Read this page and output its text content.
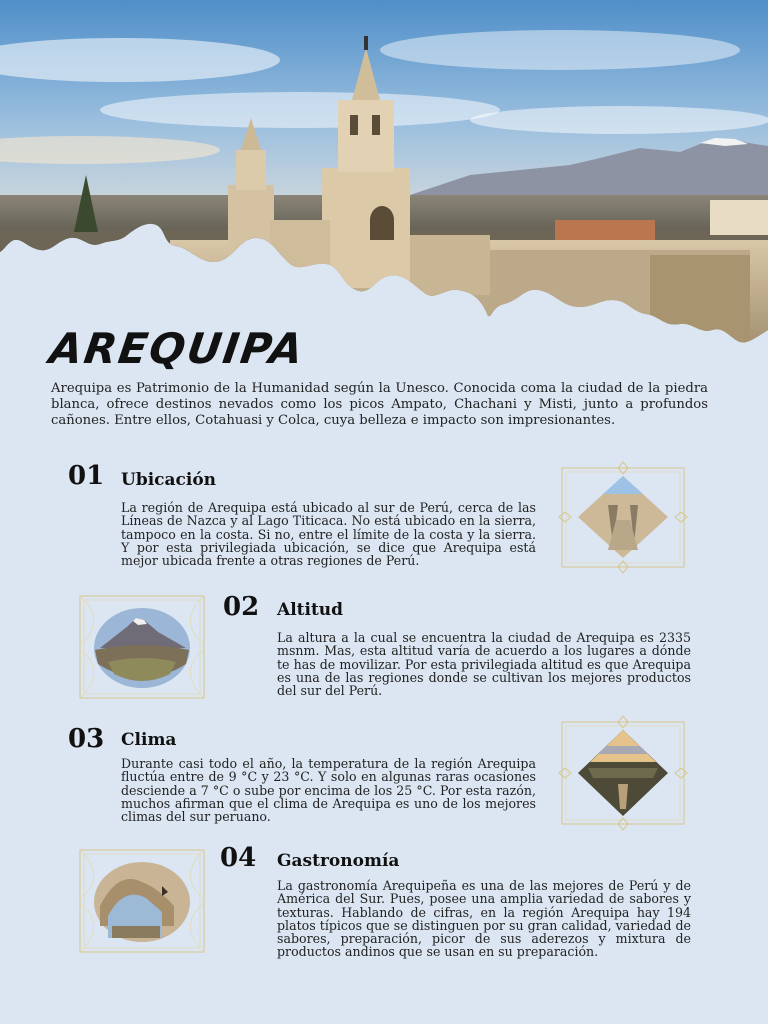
AREQUIPA
Arequipa es Patrimonio de la Humanidad según la Unesco. Conocida coma la ciudad de la piedra blanca, ofrece destinos nevados como los picos Ampato, Chachani y Misti, junto a profundos cañones. Entre ellos, Cotahuasi y Colca, cuya belleza e impacto son impresionantes.
01 Ubicación
La región de Arequipa está ubicado al sur de Perú, cerca de las Líneas de Nazca y al Lago Titicaca. No está ubicado en la sierra, tampoco en la costa. Si no, entre el límite de la costa y la sierra. Y por esta privilegiada ubicación, se dice que Arequipa está mejor ubicada frente a otras regiones de Perú.
02 Altitud
La altura a la cual se encuentra la ciudad de Arequipa es 2335 msnm. Mas, esta altitud varía de acuerdo a los lugares a dónde te has de movilizar. Por esta privilegiada altitud es que Arequipa es una de las regiones donde se cultivan los mejores productos del sur del Perú.
03 Clima
Durante casi todo el año, la temperatura de la región Arequipa fluctúa entre de 9 °C y 23 °C. Y solo en algunas raras ocasiones desciende a 7 °C o sube por encima de los 25 °C. Por esta razón, muchos afirman que el clima de Arequipa es uno de los mejores climas del sur peruano.
04 Gastronomía
La gastronomía Arequipeña es una de las mejores de Perú y de América del Sur. Pues, posee una amplia variedad de sabores y texturas. Hablando de cifras, en la región Arequipa hay 194 platos típicos que se distinguen por su gran calidad, variedad de sabores, preparación, picor de sus aderezos y mixtura de productos andinos que se usan en su preparación.
